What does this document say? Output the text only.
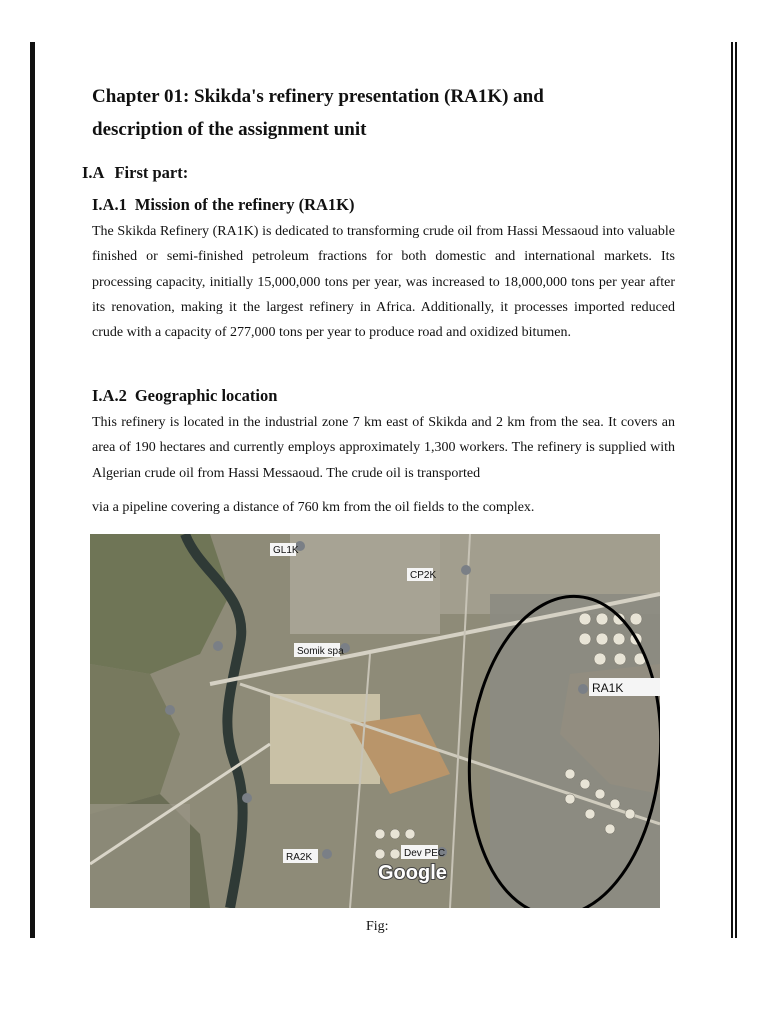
Chapter 01: Skikda's refinery presentation (RA1K) and
description of the assignment unit
I.A First part:
I.A.1 Mission of the refinery (RA1K)
The Skikda Refinery (RA1K) is dedicated to transforming crude oil from Hassi Messaoud into valuable finished or semi-finished petroleum fractions for both domestic and international markets. Its processing capacity, initially 15,000,000 tons per year, was increased to 18,000,000 tons per year after its renovation, making it the largest refinery in Africa. Additionally, it processes imported reduced crude with a capacity of 277,000 tons per year to produce road and oxidized bitumen.
I.A.2 Geographic location
This refinery is located in the industrial zone 7 km east of Skikda and 2 km from the sea. It covers an area of 190 hectares and currently employs approximately 1,300 workers. The refinery is supplied with Algerian crude oil from Hassi Messaoud. The crude oil is transported
via a pipeline covering a distance of 760 km from the oil fields to the complex.
GL1K
CP2K
Somik spa
RA1K
RA2K	Dev PEC
Google
Fig:
